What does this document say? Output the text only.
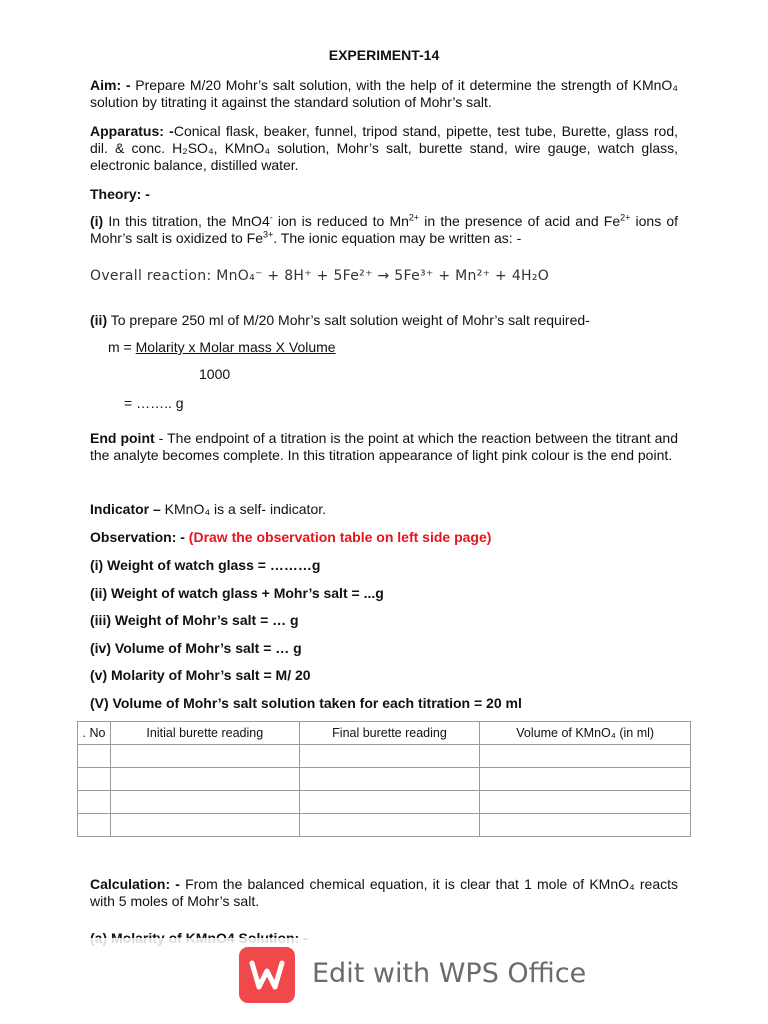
EXPERIMENT-14
Aim: - Prepare M/20 Mohr’s salt solution, with the help of it determine the strength of KMnO₄ solution by titrating it against the standard solution of Mohr’s salt.
Apparatus: -Conical flask, beaker, funnel, tripod stand, pipette, test tube, Burette, glass rod, dil. & conc. H₂SO₄, KMnO₄ solution, Mohr’s salt, burette stand, wire gauge, watch glass, electronic balance, distilled water.
Theory: -
(i) In this titration, the MnO4- ion is reduced to $Mn^{2+}$ in the presence of acid and $Fe^{2+}$ ions of Mohr’s salt is oxidized to $Fe^{3+}$. The ionic equation may be written as: -
Overall reaction: MnO₄⁻ + 8H⁺ + 5Fe²⁺ → 5Fe³⁺ + Mn²⁺ + 4H₂O
(ii) To prepare 250 ml of M/20 Mohr’s salt solution weight of Mohr’s salt required-
m = Molarity x Molar mass X Volume
1000
= …….. g
End point - The endpoint of a titration is the point at which the reaction between the titrant and the analyte becomes complete. In this titration appearance of light pink colour is the end point.
Indicator – KMnO₄ is a self- indicator.
Observation: - (Draw the observation table on left side page)
(i) Weight of watch glass = ………g
(ii) Weight of watch glass + Mohr’s salt = ...g
(iii) Weight of Mohr’s salt = … g
(iv) Volume of Mohr’s salt = … g
(v) Molarity of Mohr’s salt = M/ 20
(V) Volume of Mohr’s salt solution taken for each titration = 20 ml
. No	Initial burette reading	Final burette reading	Volume of KMnO₄ (in ml)

Calculation: - From the balanced chemical equation, it is clear that 1 mole of KMnO₄ reacts with 5 moles of Mohr’s salt.
Edit with WPS Office
